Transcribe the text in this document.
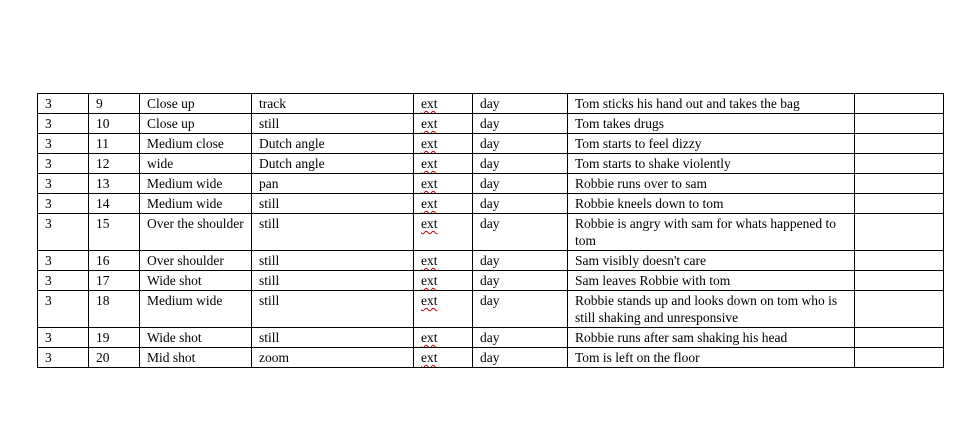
3	9	Close up	track	ext	day	Tom sticks his hand out and takes the bag	
3	10	Close up	still	ext	day	Tom takes drugs	
3	11	Medium close	Dutch angle	ext	day	Tom starts to feel dizzy	
3	12	wide	Dutch angle	ext	day	Tom starts to shake violently	
3	13	Medium wide	pan	ext	day	Robbie runs over to sam	
3	14	Medium wide	still	ext	day	Robbie kneels down to tom	
3	15	Over the shoulder	still	ext	day	Robbie is angry with sam for whats happened to tom	
3	16	Over shoulder	still	ext	day	Sam visibly doesn't care	
3	17	Wide shot	still	ext	day	Sam leaves Robbie with tom	
3	18	Medium wide	still	ext	day	Robbie stands up and looks down on tom who is still shaking and unresponsive	
3	19	Wide shot	still	ext	day	Robbie runs after sam shaking his head	
3	20	Mid shot	zoom	ext	day	Tom is left on the floor	
